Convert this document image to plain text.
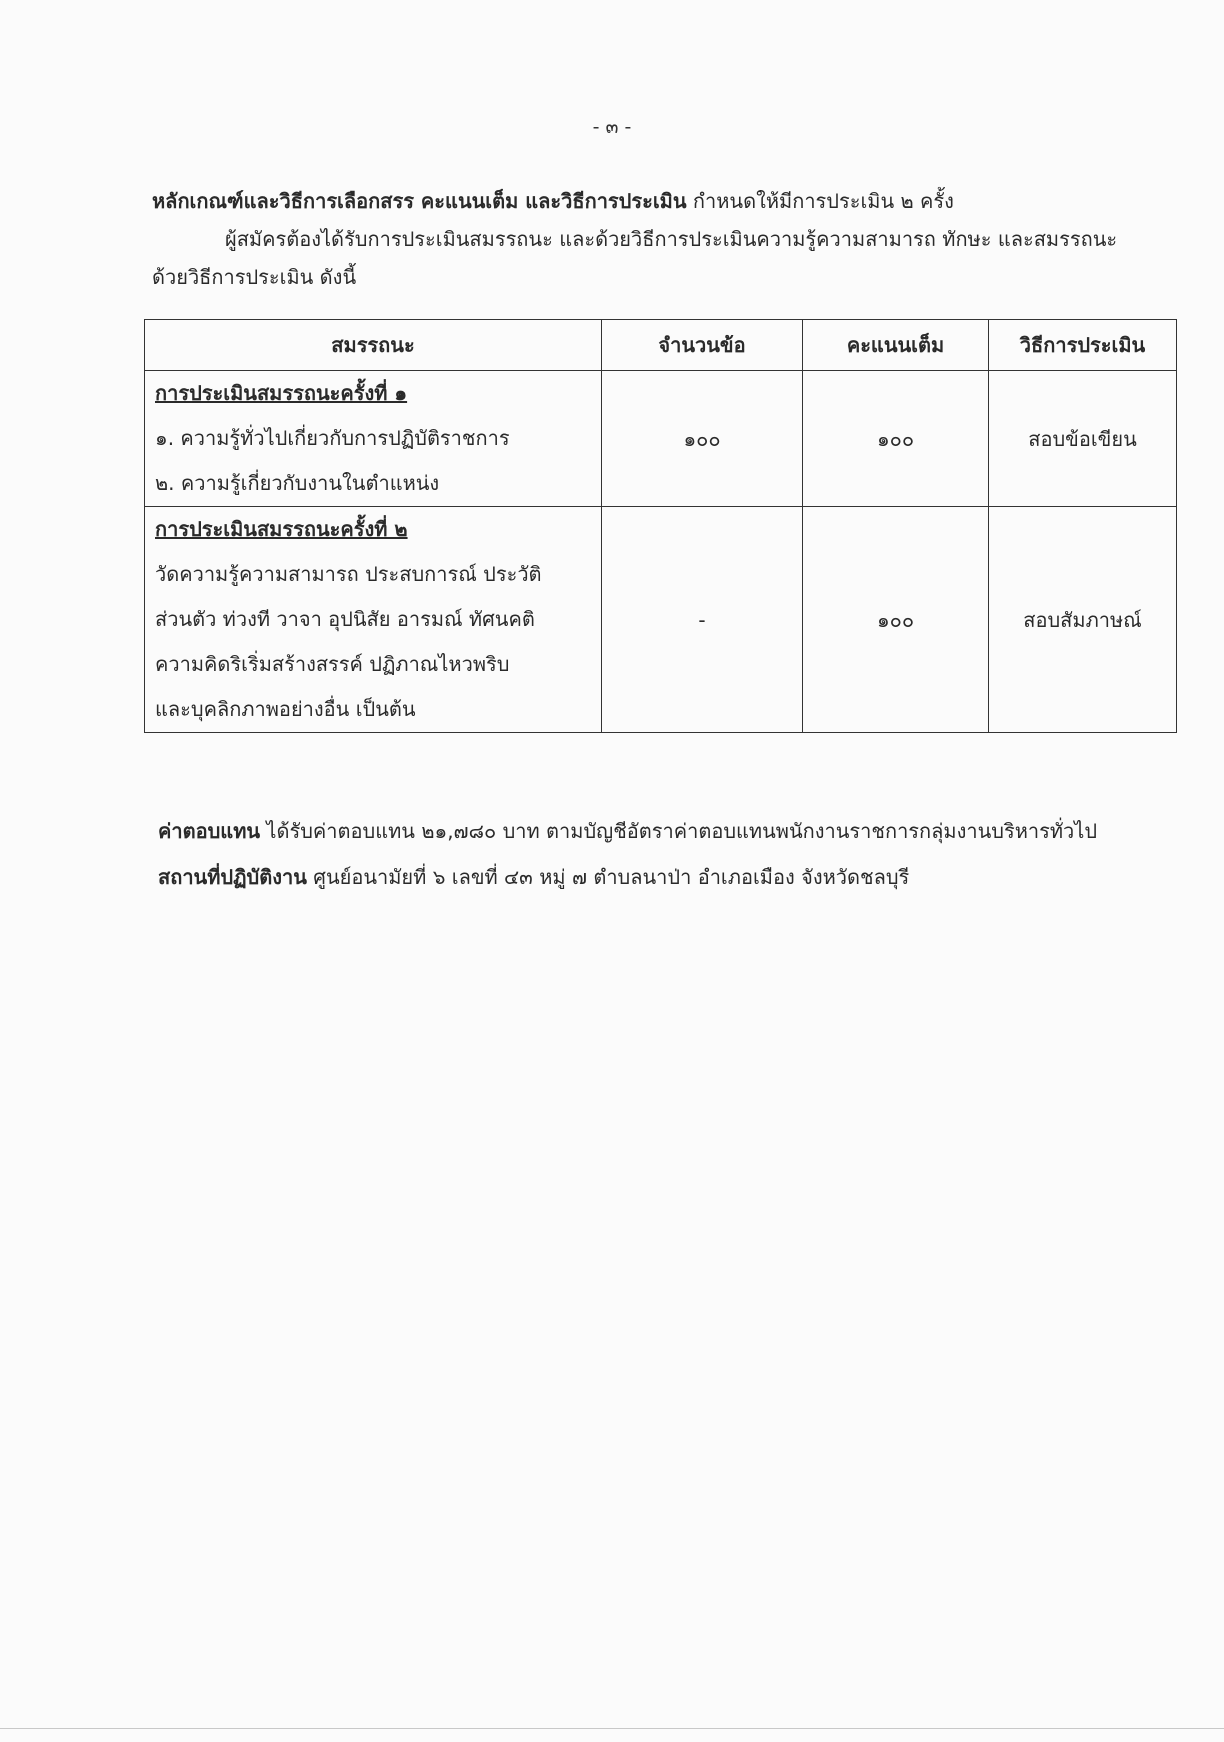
- ๓ -
หลักเกณฑ์และวิธีการเลือกสรร คะแนนเต็ม และวิธีการประเมิน กำหนดให้มีการประเมิน ๒ ครั้ง
ผู้สมัครต้องได้รับการประเมินสมรรถนะ และด้วยวิธีการประเมินความรู้ความสามารถ ทักษะ และสมรรถนะ
ด้วยวิธีการประเมิน ดังนี้
สมรรถนะ	จำนวนข้อ	คะแนนเต็ม	วิธีการประเมิน

การประเมินสมรรถนะครั้งที่ ๑
๑. ความรู้ทั่วไปเกี่ยวกับการปฏิบัติราชการ
๒. ความรู้เกี่ยวกับงานในตำแหน่ง	๑๐๐	๑๐๐	สอบข้อเขียน

การประเมินสมรรถนะครั้งที่ ๒
วัดความรู้ความสามารถ ประสบการณ์ ประวัติ
ส่วนตัว ท่วงที วาจา อุปนิสัย อารมณ์ ทัศนคติ
ความคิดริเริ่มสร้างสรรค์ ปฏิภาณไหวพริบ
และบุคลิกภาพอย่างอื่น เป็นต้น	-	๑๐๐	สอบสัมภาษณ์
ค่าตอบแทน ได้รับค่าตอบแทน ๒๑,๗๘๐ บาท ตามบัญชีอัตราค่าตอบแทนพนักงานราชการกลุ่มงานบริหารทั่วไป
สถานที่ปฏิบัติงาน ศูนย์อนามัยที่ ๖ เลขที่ ๔๓ หมู่ ๗ ตำบลนาป่า อำเภอเมือง จังหวัดชลบุรี
